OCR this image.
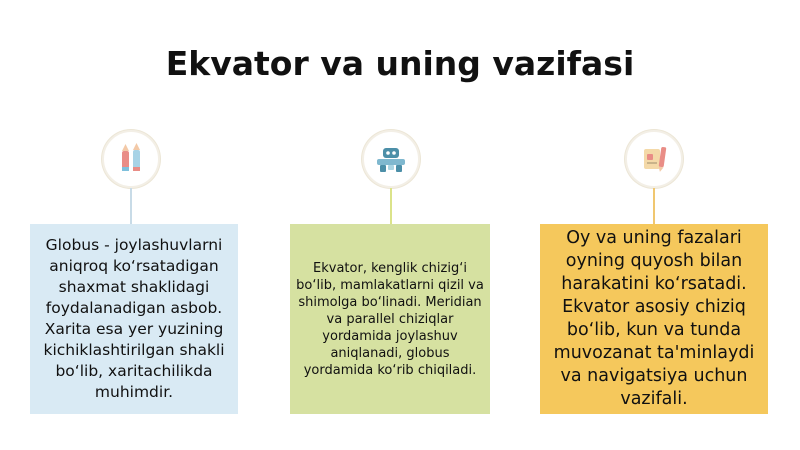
Ekvator va uning vazifasi

Globus - joylashuvlarni aniqroq ko‘rsatadigan shaxmat shaklidagi foydalanadigan asbob. Xarita esa yer yuzining kichiklashtirilgan shakli bo‘lib, xaritachilikda muhimdir.

Ekvator, kenglik chizig‘i bo‘lib, mamlakatlarni qizil va shimolga bo‘linadi. Meridian va parallel chiziqlar yordamida joylashuv aniqlanadi, globus yordamida ko‘rib chiqiladi.

Oy va uning fazalari oyning quyosh bilan harakatini ko‘rsatadi. Ekvator asosiy chiziq bo‘lib, kun va tunda muvozanat ta'minlaydi va navigatsiya uchun vazifali.
